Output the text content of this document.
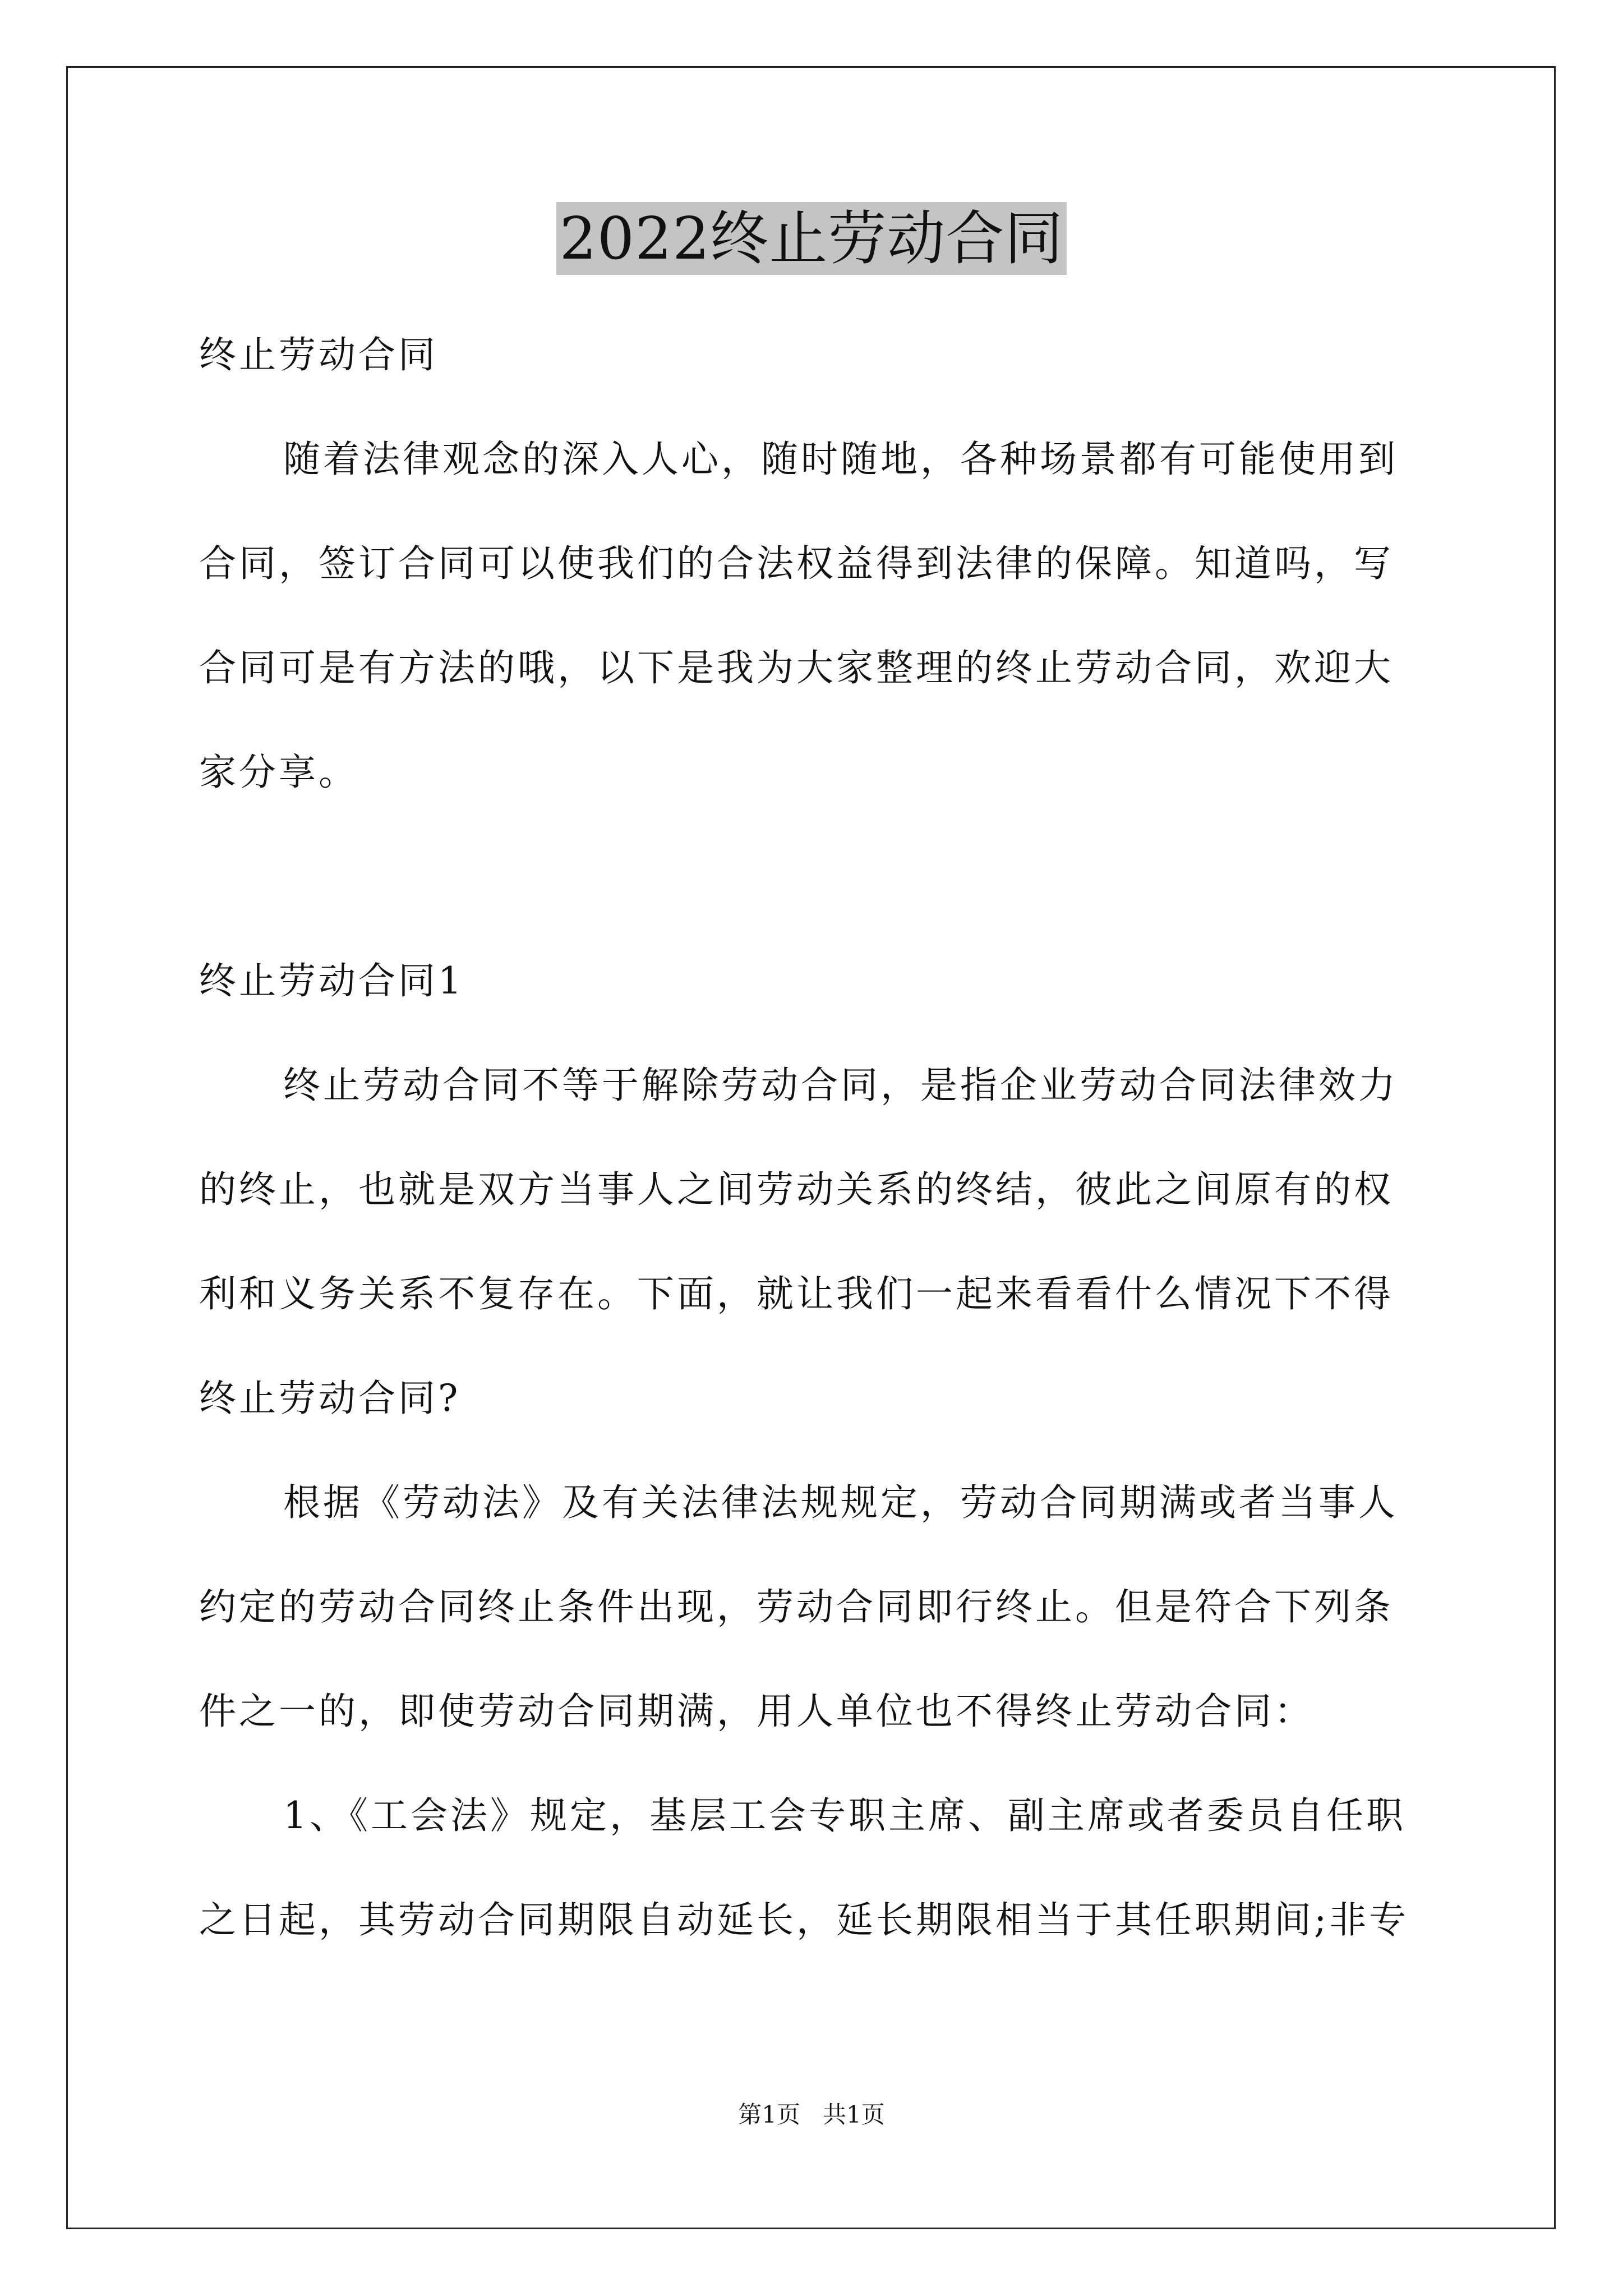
2022终止劳动合同
终止劳动合同
随着法律观念的深入人心，随时随地，各种场景都有可能使用到
合同，签订合同可以使我们的合法权益得到法律的保障。知道吗，写
合同可是有方法的哦，以下是我为大家整理的终止劳动合同，欢迎大
家分享。
终止劳动合同1
终止劳动合同不等于解除劳动合同，是指企业劳动合同法律效力
的终止，也就是双方当事人之间劳动关系的终结，彼此之间原有的权
利和义务关系不复存在。下面，就让我们一起来看看什么情况下不得
终止劳动合同?
根据《劳动法》及有关法律法规规定，劳动合同期满或者当事人
约定的劳动合同终止条件出现，劳动合同即行终止。但是符合下列条
件之一的，即使劳动合同期满，用人单位也不得终止劳动合同：
1、《工会法》规定，基层工会专职主席、副主席或者委员自任职
之日起，其劳动合同期限自动延长，延长期限相当于其任职期间;非专
第1页   共1页
